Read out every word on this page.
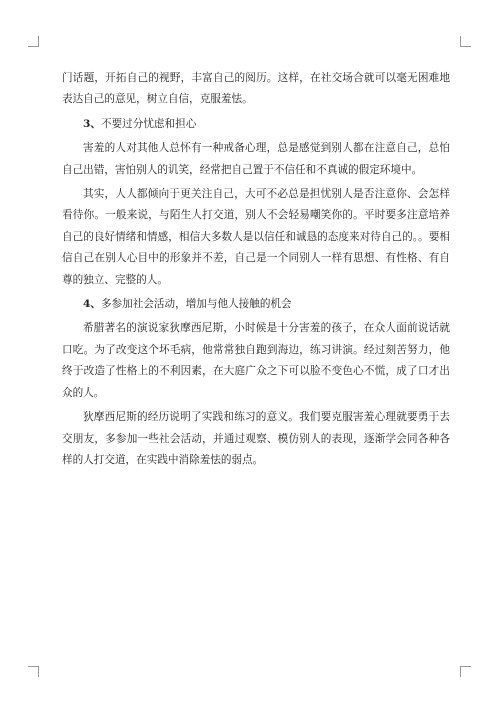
门话题，开拓自己的视野，丰富自己的阅历。这样，在社交场合就可以毫无困难地表达自己的意见，树立自信，克服羞怯。

3、不要过分忧虑和担心

害羞的人对其他人总怀有一种戒备心理，总是感觉到别人都在注意自己，总怕自己出错，害怕别人的讥笑，经常把自己置于不信任和不真诚的假定环境中。

其实，人人都倾向于更关注自己，大可不必总是担忧别人是否注意你、会怎样看待你。一般来说，与陌生人打交道，别人不会轻易嘲笑你的。平时要多注意培养自己的良好情绪和情感，相信大多数人是以信任和诚恳的态度来对待自己的。。要相信自己在别人心目中的形象并不差，自己是一个同别人一样有思想、有性格、有自尊的独立、完整的人。

4、多参加社会活动，增加与他人接触的机会

希腊著名的演说家狄摩西尼斯，小时候是十分害羞的孩子，在众人面前说话就口吃。为了改变这个坏毛病，他常常独自跑到海边，练习讲演。经过刻苦努力，他终于改造了性格上的不利因素，在大庭广众之下可以脸不变色心不慌，成了口才出众的人。

狄摩西尼斯的经历说明了实践和练习的意义。我们要克服害羞心理就要勇于去交朋友，多参加一些社会活动，并通过观察、模仿别人的表现，逐渐学会同各种各样的人打交道，在实践中消除羞怯的弱点。
